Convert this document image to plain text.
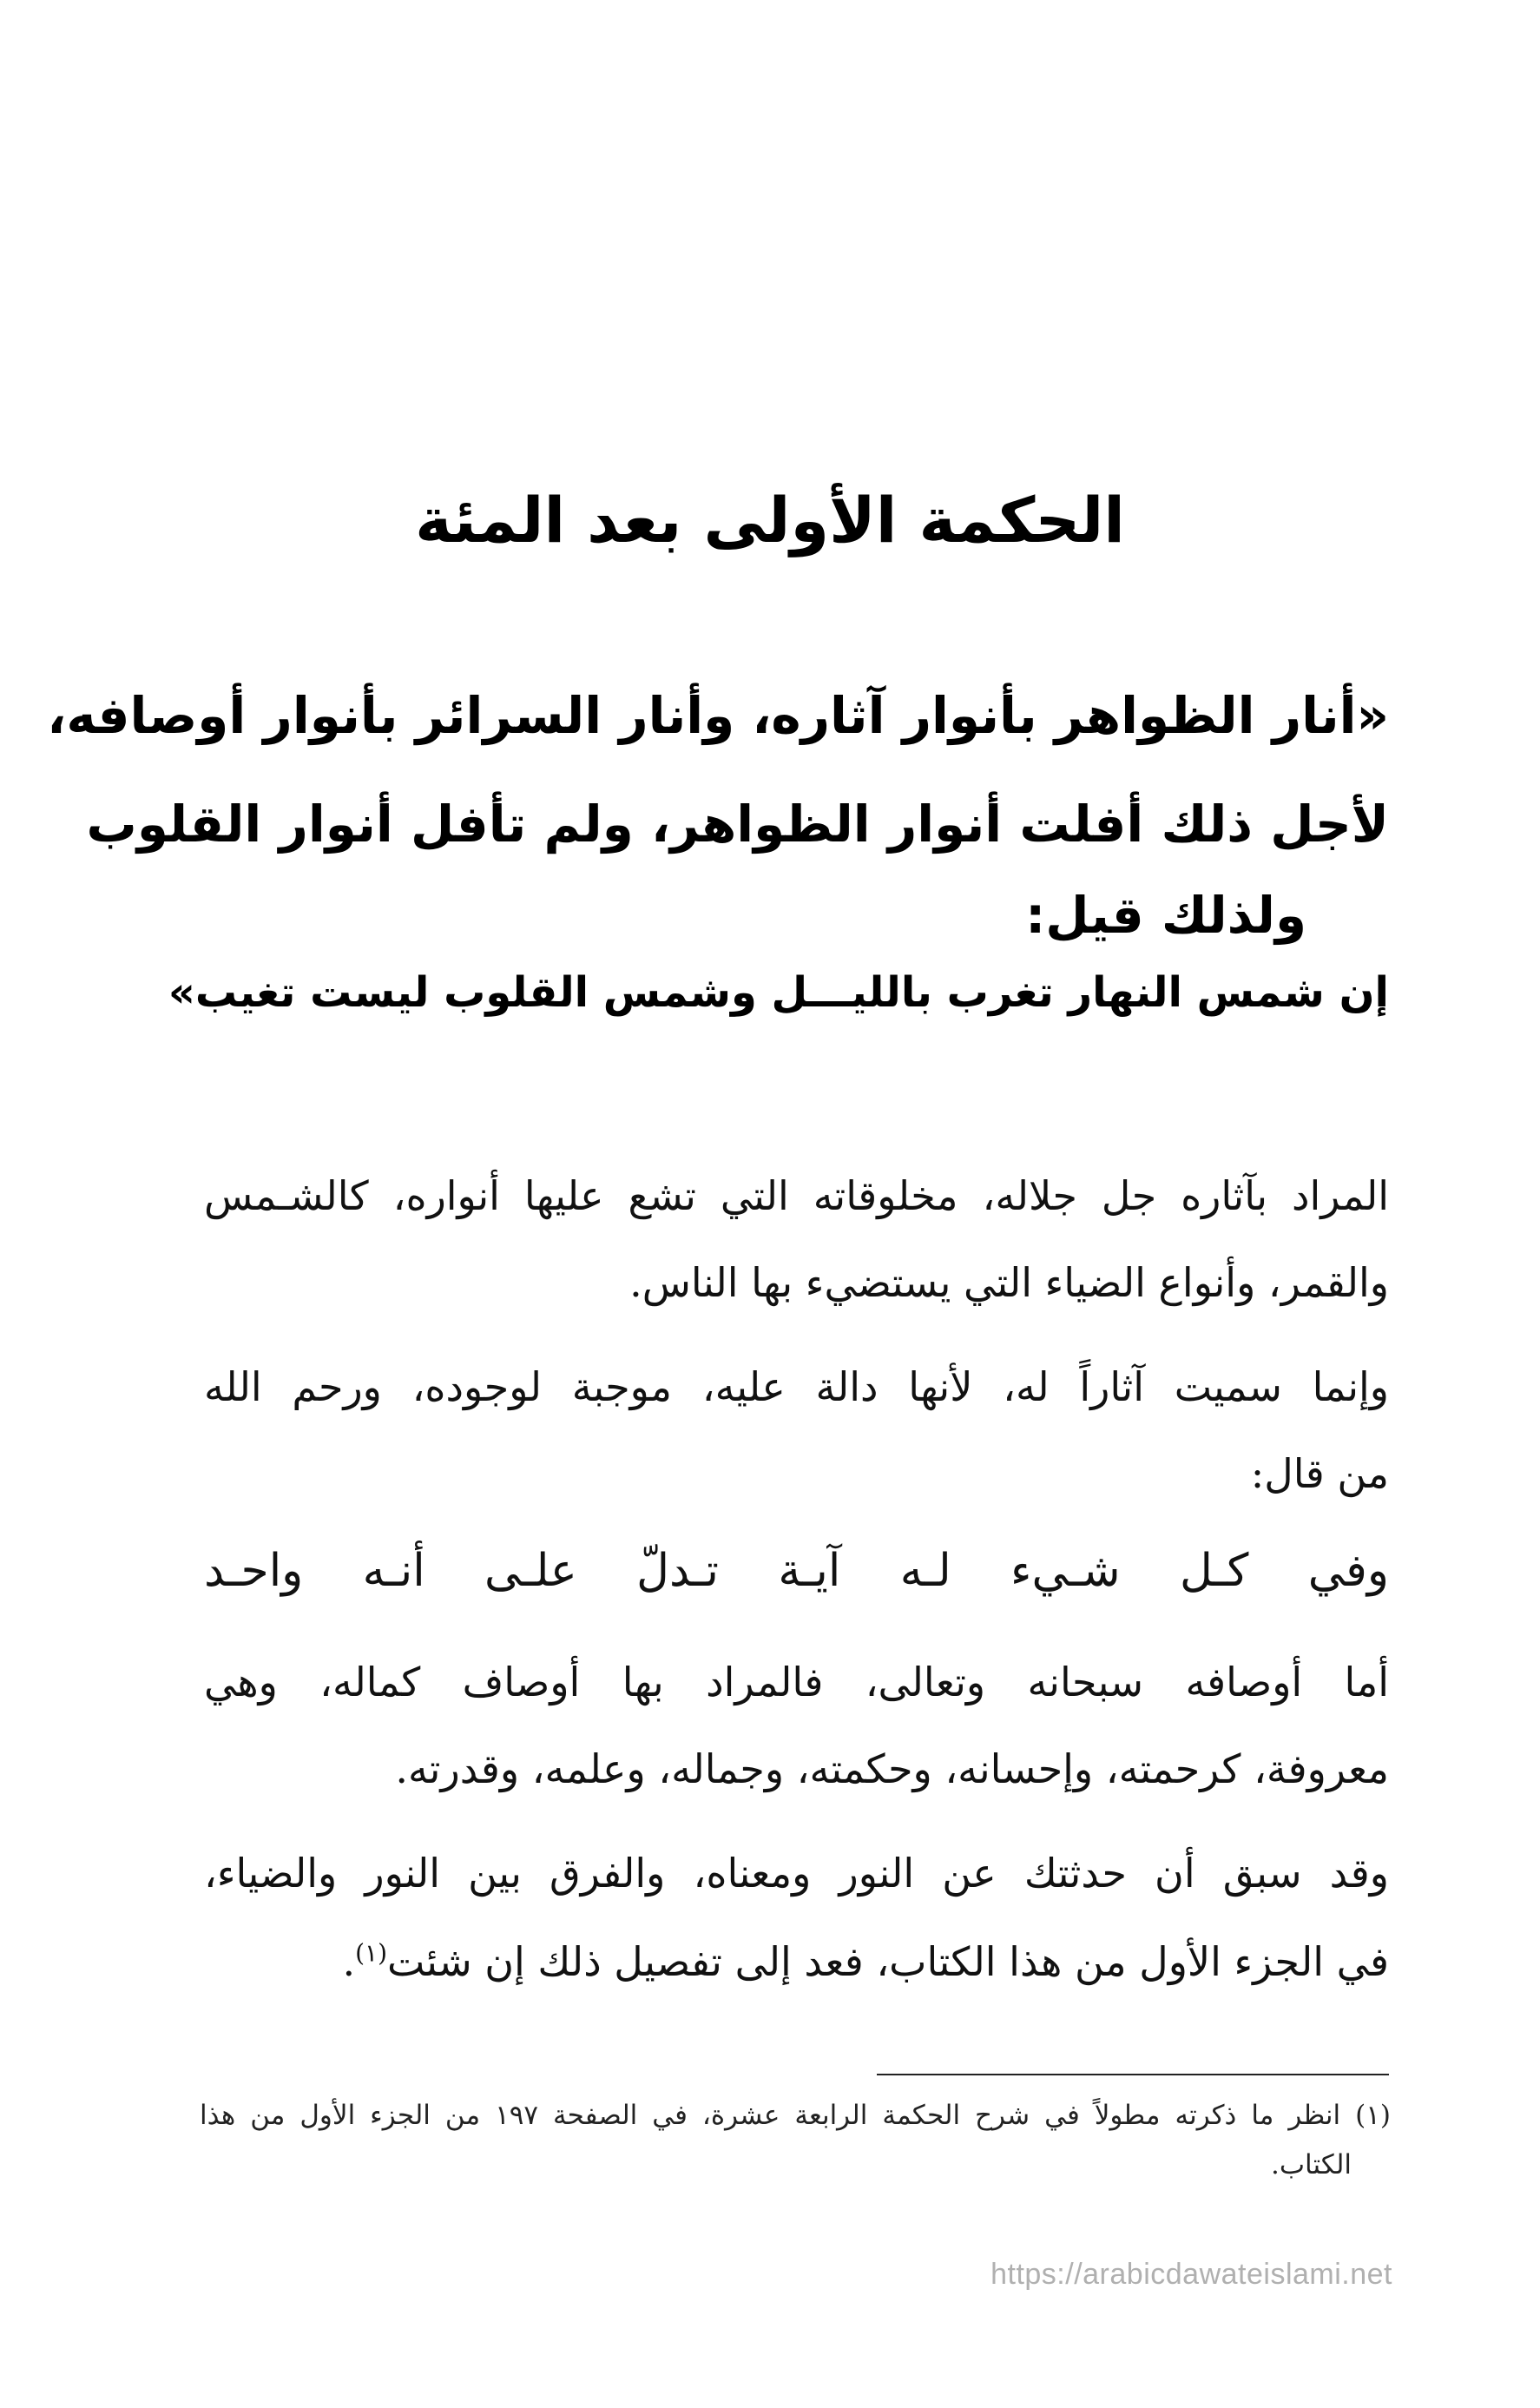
الحكمة الأولى بعد المئة
«أنار الظواهر بأنوار آثاره، وأنار السرائر بأنوار أوصافه،
لأجل ذلك أفلت أنوار الظواهر، ولم تأفل أنوار القلوب
ولذلك قيل:
إن شمس النهار تغرب بالليــ
ـل وشمس القلوب ليست تغيب»
المراد بآثاره جل جلاله، مخلوقاته التي تشع عليها أنواره، كالشـمس
والقمر، وأنواع الضياء التي يستضيء بها الناس.
وإنما سميت آثاراً له، لأنها دالة عليه، موجبة لوجوده، ورحم الله
من قال:
وفي
كـل
شـيء
لـه
آيـة
تـدلّ
علـى
أنـه
واحـد
أما أوصافه سبحانه وتعالى، فالمراد بها أوصاف كماله، وهي
معروفة، كرحمته، وإحسانه، وحكمته، وجماله، وعلمه، وقدرته.
وقد سبق أن حدثتك عن النور ومعناه، والفرق بين النور والضياء،
في الجزء الأول من هذا الكتاب، فعد إلى تفصيل ذلك إن شئت$^{(١)}$.
(١) انظر ما ذكرته مطولاً في شرح الحكمة الرابعة عشرة، في الصفحة ١٩٧ من الجزء الأول من هذا
الكتاب.
https://arabicdawateislami.net
